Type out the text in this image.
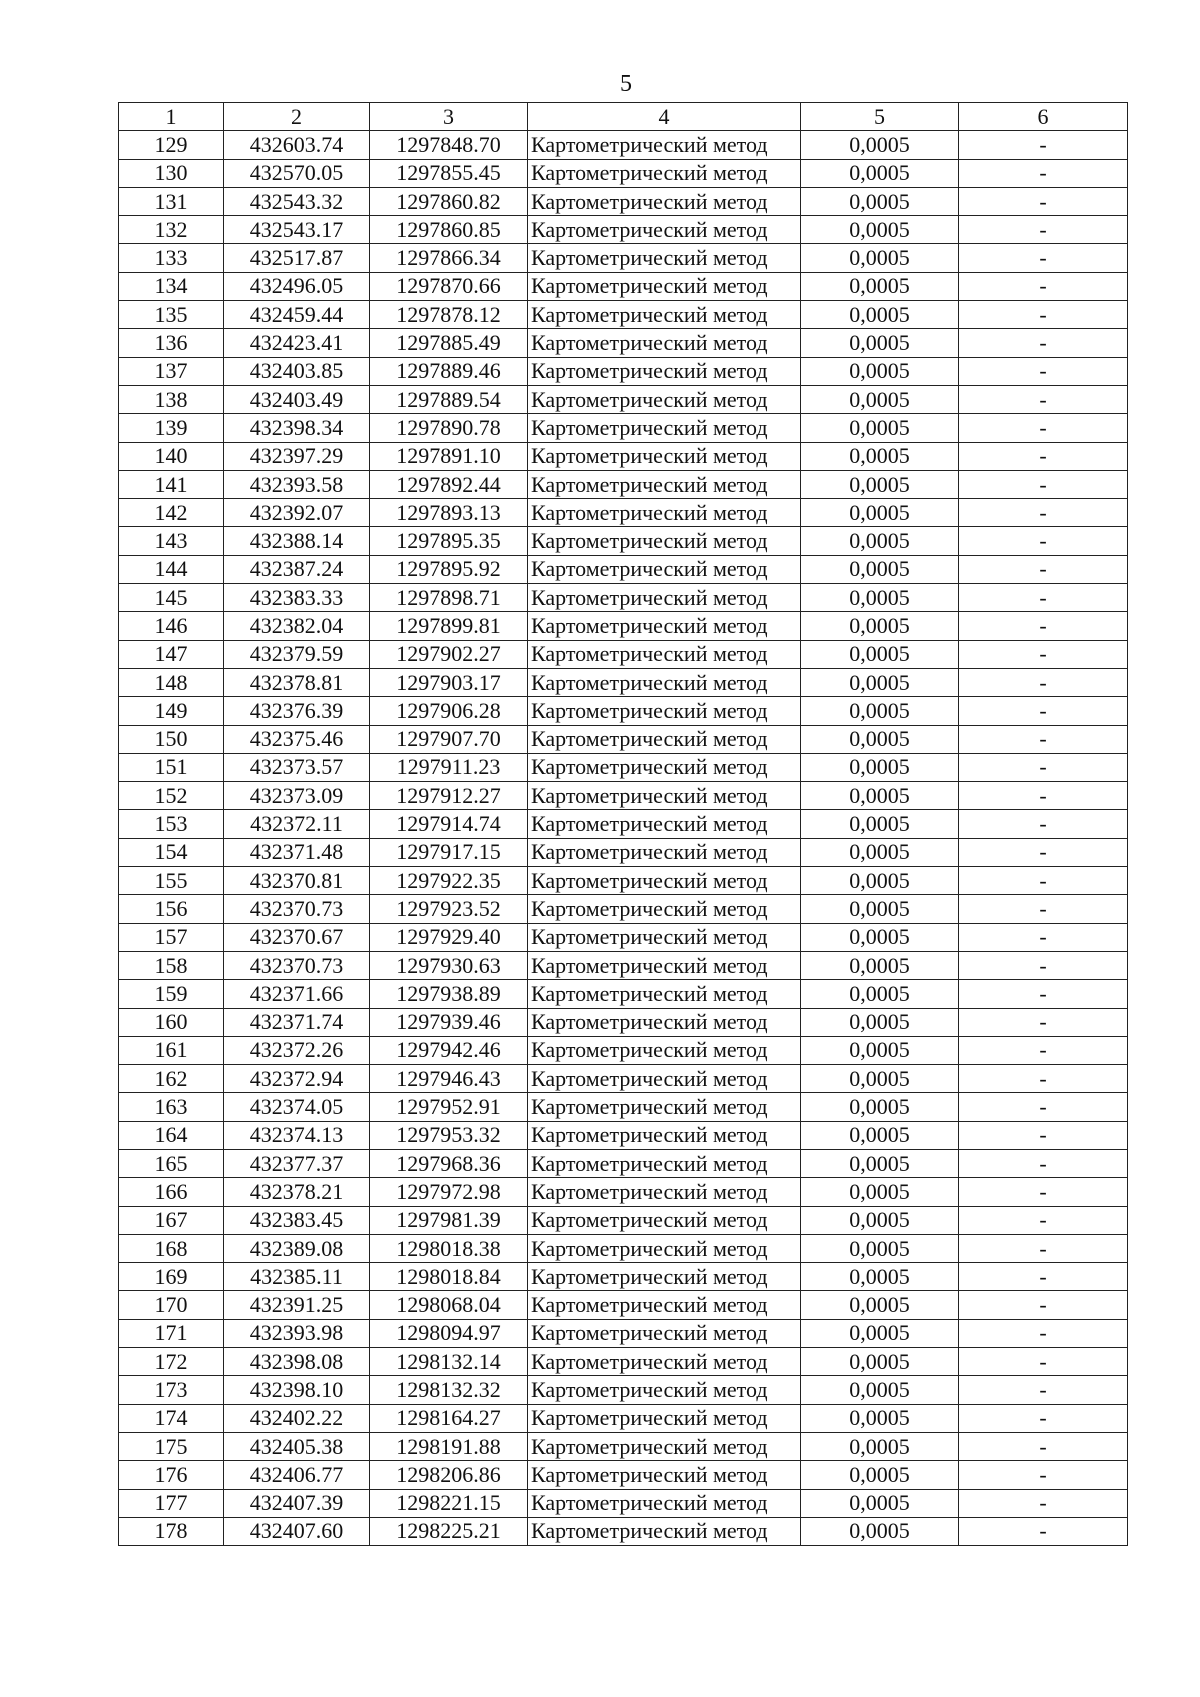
5
1	2	3	4	5	6
129	432603.74	1297848.70	Картометрический метод	0,0005	-
130	432570.05	1297855.45	Картометрический метод	0,0005	-
131	432543.32	1297860.82	Картометрический метод	0,0005	-
132	432543.17	1297860.85	Картометрический метод	0,0005	-
133	432517.87	1297866.34	Картометрический метод	0,0005	-
134	432496.05	1297870.66	Картометрический метод	0,0005	-
135	432459.44	1297878.12	Картометрический метод	0,0005	-
136	432423.41	1297885.49	Картометрический метод	0,0005	-
137	432403.85	1297889.46	Картометрический метод	0,0005	-
138	432403.49	1297889.54	Картометрический метод	0,0005	-
139	432398.34	1297890.78	Картометрический метод	0,0005	-
140	432397.29	1297891.10	Картометрический метод	0,0005	-
141	432393.58	1297892.44	Картометрический метод	0,0005	-
142	432392.07	1297893.13	Картометрический метод	0,0005	-
143	432388.14	1297895.35	Картометрический метод	0,0005	-
144	432387.24	1297895.92	Картометрический метод	0,0005	-
145	432383.33	1297898.71	Картометрический метод	0,0005	-
146	432382.04	1297899.81	Картометрический метод	0,0005	-
147	432379.59	1297902.27	Картометрический метод	0,0005	-
148	432378.81	1297903.17	Картометрический метод	0,0005	-
149	432376.39	1297906.28	Картометрический метод	0,0005	-
150	432375.46	1297907.70	Картометрический метод	0,0005	-
151	432373.57	1297911.23	Картометрический метод	0,0005	-
152	432373.09	1297912.27	Картометрический метод	0,0005	-
153	432372.11	1297914.74	Картометрический метод	0,0005	-
154	432371.48	1297917.15	Картометрический метод	0,0005	-
155	432370.81	1297922.35	Картометрический метод	0,0005	-
156	432370.73	1297923.52	Картометрический метод	0,0005	-
157	432370.67	1297929.40	Картометрический метод	0,0005	-
158	432370.73	1297930.63	Картометрический метод	0,0005	-
159	432371.66	1297938.89	Картометрический метод	0,0005	-
160	432371.74	1297939.46	Картометрический метод	0,0005	-
161	432372.26	1297942.46	Картометрический метод	0,0005	-
162	432372.94	1297946.43	Картометрический метод	0,0005	-
163	432374.05	1297952.91	Картометрический метод	0,0005	-
164	432374.13	1297953.32	Картометрический метод	0,0005	-
165	432377.37	1297968.36	Картометрический метод	0,0005	-
166	432378.21	1297972.98	Картометрический метод	0,0005	-
167	432383.45	1297981.39	Картометрический метод	0,0005	-
168	432389.08	1298018.38	Картометрический метод	0,0005	-
169	432385.11	1298018.84	Картометрический метод	0,0005	-
170	432391.25	1298068.04	Картометрический метод	0,0005	-
171	432393.98	1298094.97	Картометрический метод	0,0005	-
172	432398.08	1298132.14	Картометрический метод	0,0005	-
173	432398.10	1298132.32	Картометрический метод	0,0005	-
174	432402.22	1298164.27	Картометрический метод	0,0005	-
175	432405.38	1298191.88	Картометрический метод	0,0005	-
176	432406.77	1298206.86	Картометрический метод	0,0005	-
177	432407.39	1298221.15	Картометрический метод	0,0005	-
178	432407.60	1298225.21	Картометрический метод	0,0005	-
